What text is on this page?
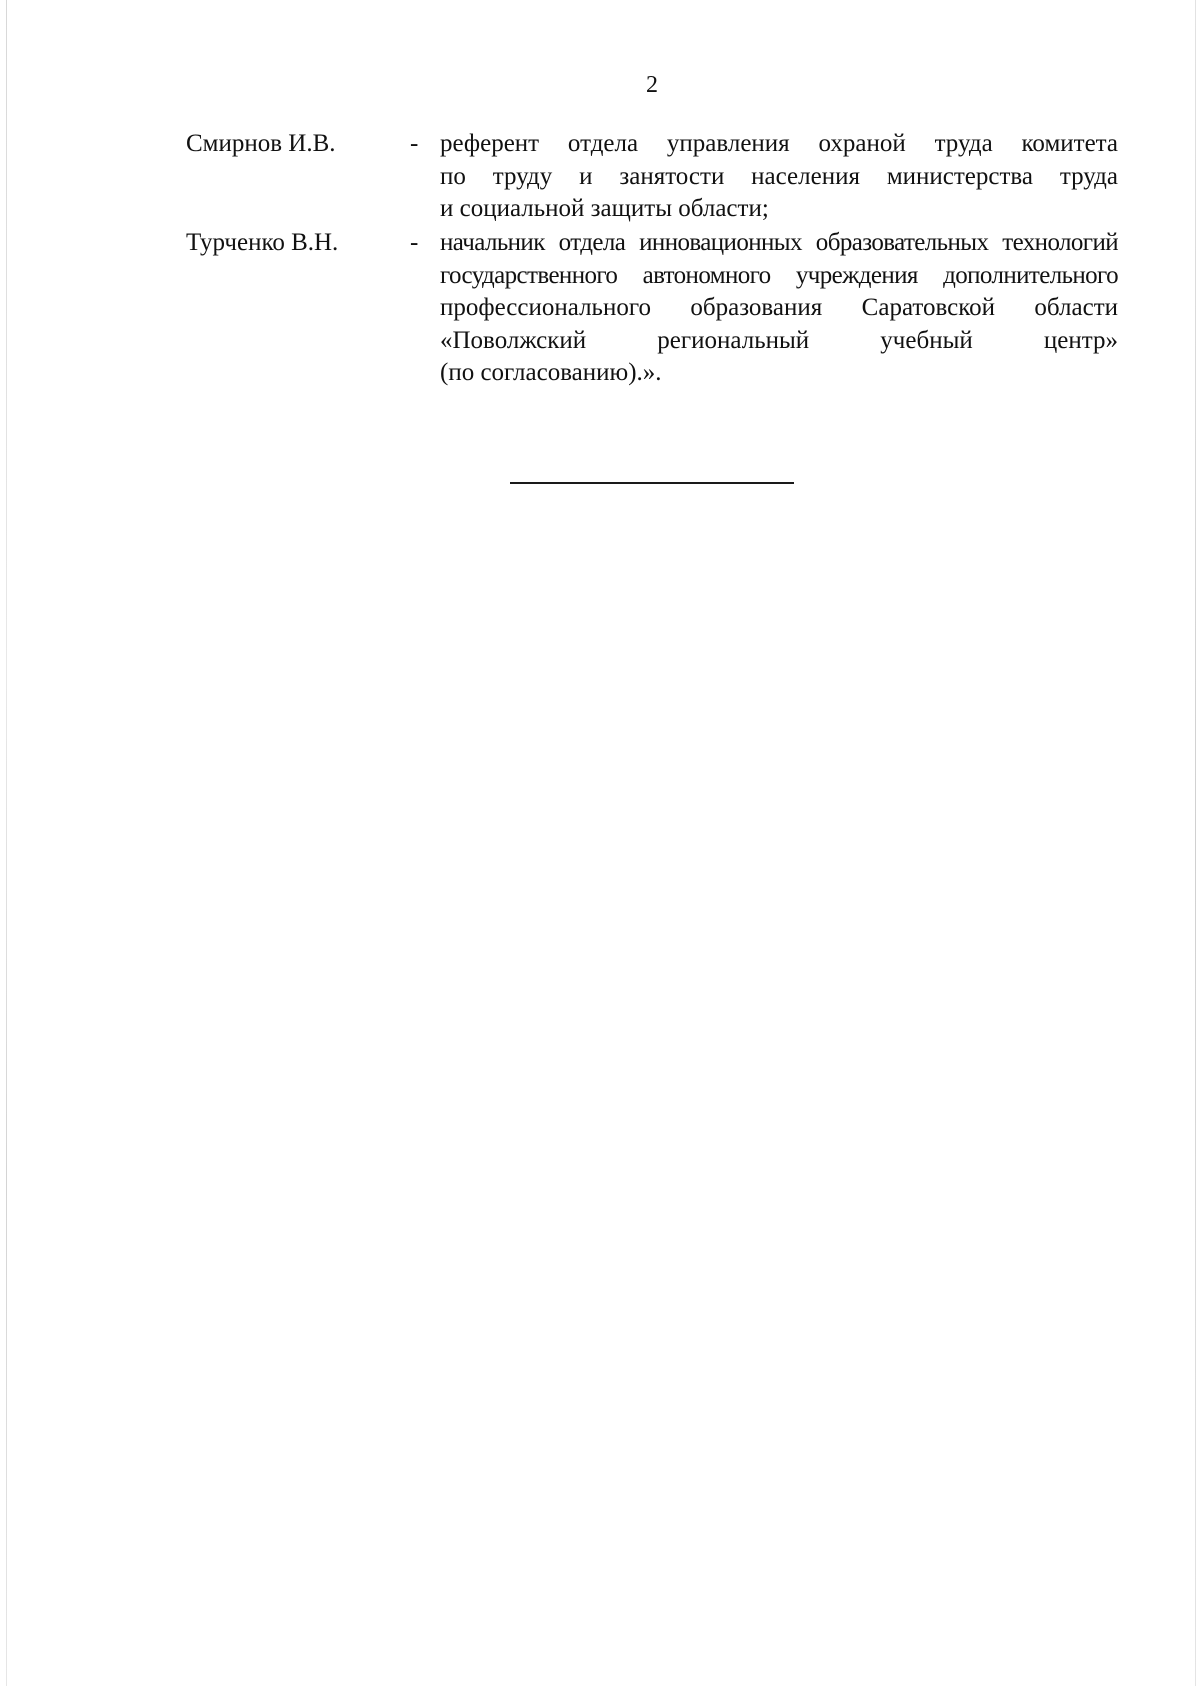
2
Смирнов И.В.	- референт отдела управления охраной труда комитета
по труду и занятости населения министерства труда
и социальной защиты области;
Турченко В.Н.	- начальник отдела инновационных образовательных технологий
государственного автономного учреждения дополнительного
профессионального образования Саратовской области
«Поволжский региональный учебный центр»
(по согласованию).».
